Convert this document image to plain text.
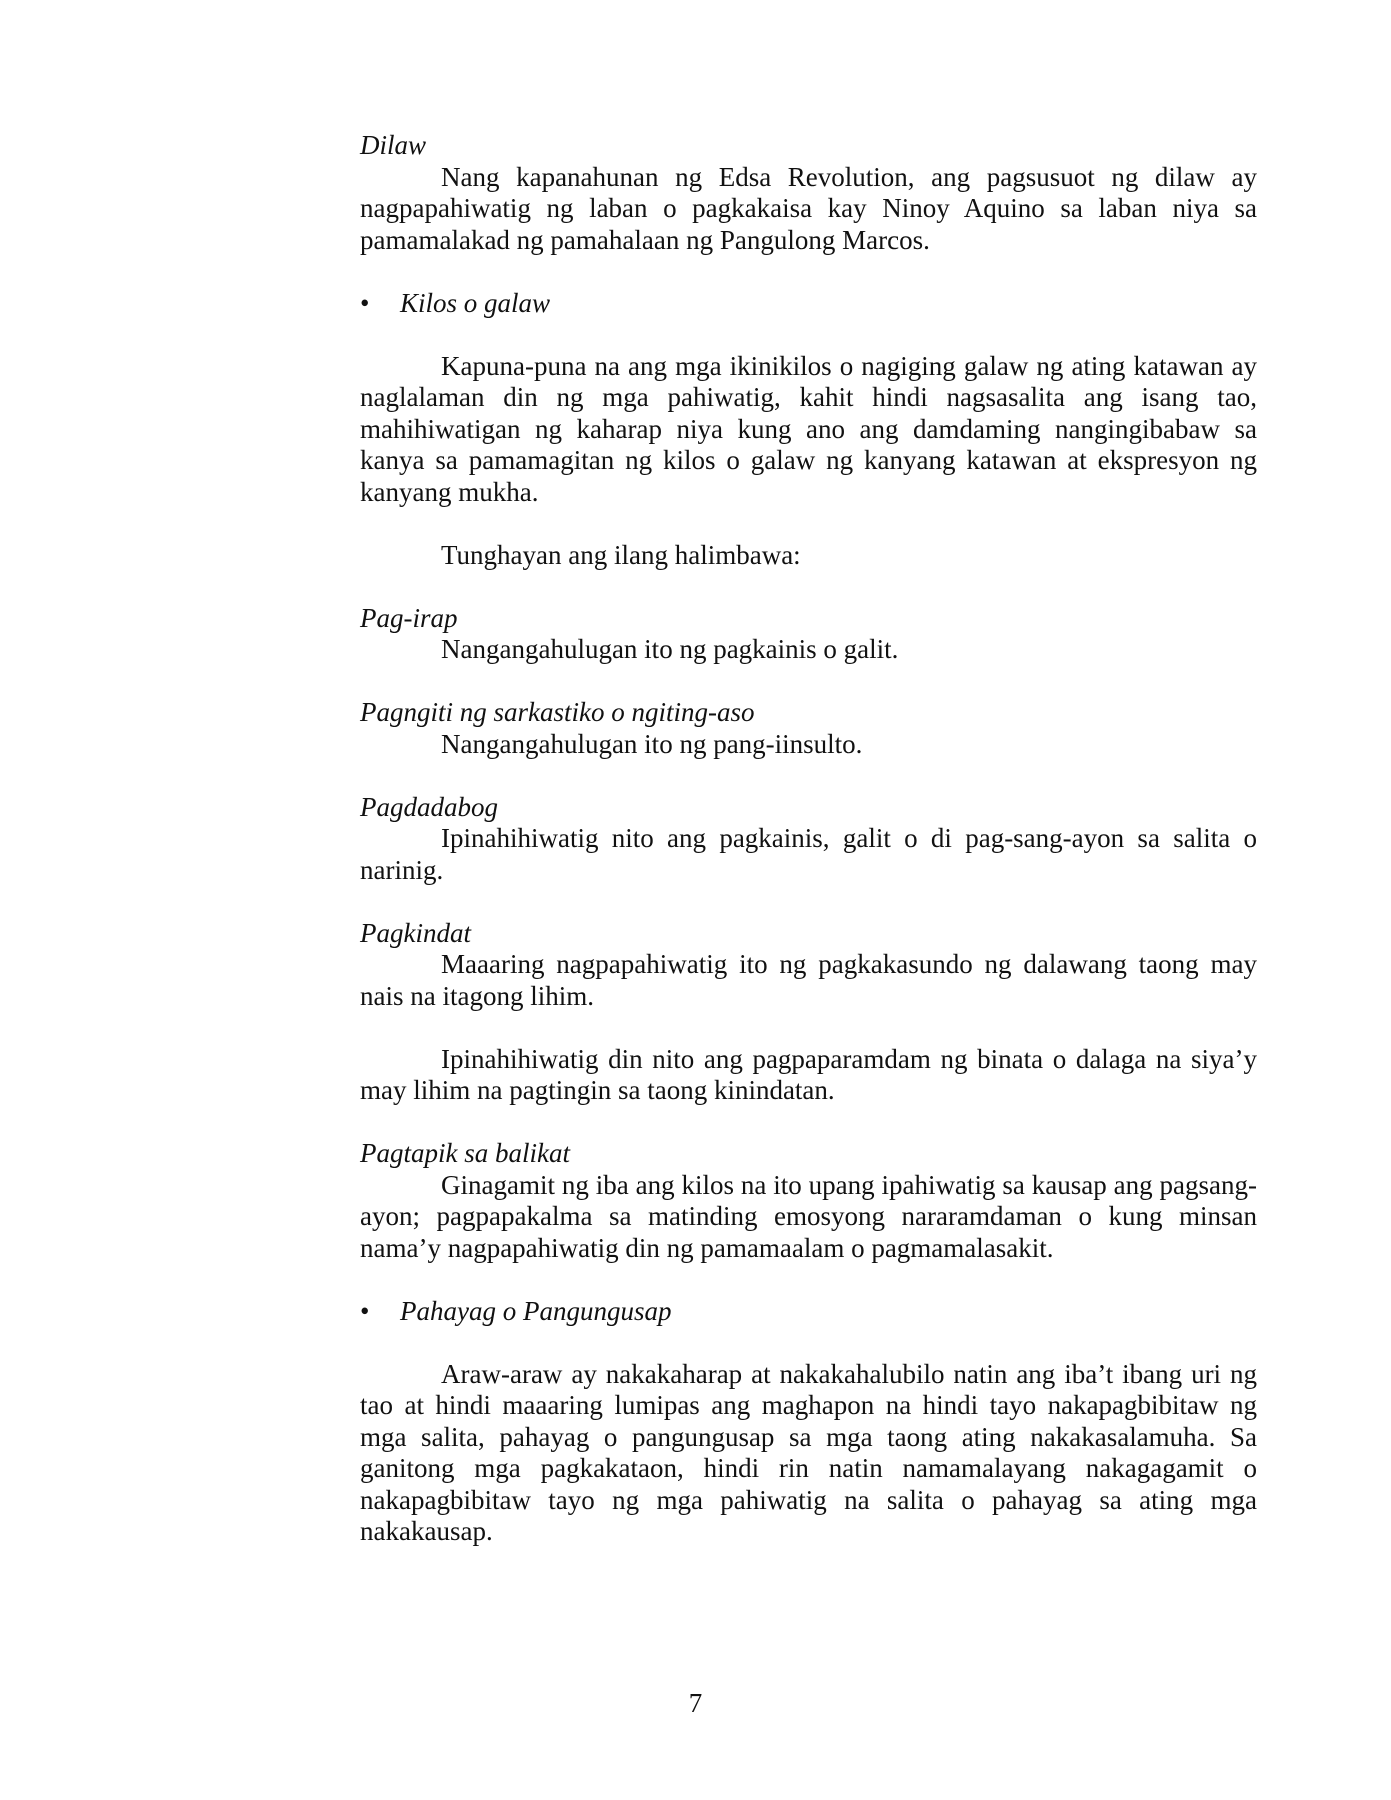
Dilaw

Nang kapanahunan ng Edsa Revolution, ang pagsusuot ng dilaw ay nagpapahiwatig ng laban o pagkakaisa kay Ninoy Aquino sa laban niya sa pamamalakad ng pamahalaan ng Pangulong Marcos.

• Kilos o galaw

Kapuna-puna na ang mga ikinikilos o nagiging galaw ng ating katawan ay naglalaman din ng mga pahiwatig, kahit hindi nagsasalita ang isang tao, mahihiwatigan ng kaharap niya kung ano ang damdaming nangingibabaw sa kanya sa pamamagitan ng kilos o galaw ng kanyang katawan at ekspresyon ng kanyang mukha.

Tunghayan ang ilang halimbawa:

Pag-irap

Nangangahulugan ito ng pagkainis o galit.

Pagngiti ng sarkastiko o ngiting-aso

Nangangahulugan ito ng pang-iinsulto.

Pagdadabog

Ipinahihiwatig nito ang pagkainis, galit o di pag-sang-ayon sa salita o narinig.

Pagkindat

Maaaring nagpapahiwatig ito ng pagkakasundo ng dalawang taong may nais na itagong lihim.

Ipinahihiwatig din nito ang pagpaparamdam ng binata o dalaga na siya’y may lihim na pagtingin sa taong kinindatan.

Pagtapik sa balikat

Ginagamit ng iba ang kilos na ito upang ipahiwatig sa kausap ang pagsang-ayon; pagpapakalma sa matinding emosyong nararamdaman o kung minsan nama’y nagpapahiwatig din ng pamamaalam o pagmamalasakit.

• Pahayag o Pangungusap

Araw-araw ay nakakaharap at nakakahalubilo natin ang iba’t ibang uri ng tao at hindi maaaring lumipas ang maghapon na hindi tayo nakapagbibitaw ng mga salita, pahayag o pangungusap sa mga taong ating nakakasalamuha. Sa ganitong mga pagkakataon, hindi rin natin namamalayang nakagagamit o nakapagbibitaw tayo ng mga pahiwatig na salita o pahayag sa ating mga nakakausap.

7
